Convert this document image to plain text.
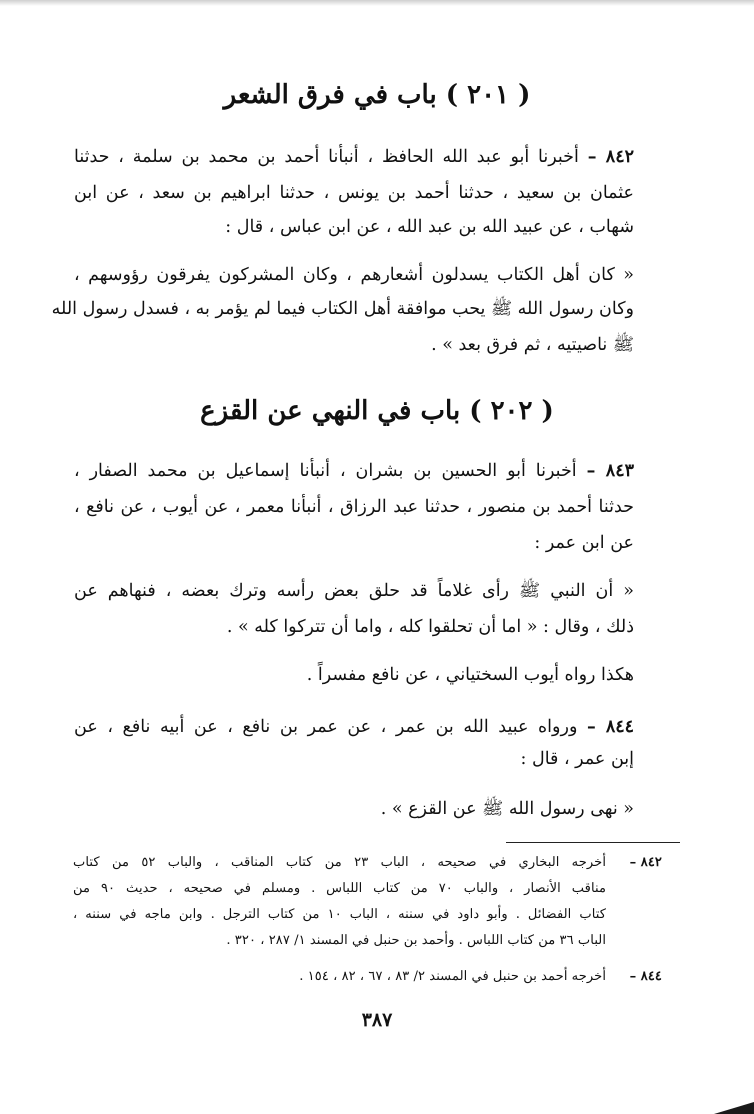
( ٢٠١ ) باب في فرق الشعر
٨٤٢ – أخبرنا أبو عبد الله الحافظ ، أنبأنا أحمد بن محمد بن سلمة ، حدثنا
عثمان بن سعيد ، حدثنا أحمد بن يونس ، حدثنا ابراهيم بن سعد ، عن ابن
شهاب ، عن عبيد الله بن عبد الله ، عن ابن عباس ، قال :
« كان أهل الكتاب يسدلون أشعارهم ، وكان المشركون يفرقون رؤوسهم ،
وكان رسول الله ﷺ يحب موافقة أهل الكتاب فيما لم يؤمر به ، فسدل رسول الله
ﷺ ناصيتيه ، ثم فرق بعد » .
( ٢٠٢ ) باب في النهي عن القزع
٨٤٣ – أخبرنا أبو الحسين بن بشران ، أنبأنا إسماعيل بن محمد الصفار ،
حدثنا أحمد بن منصور ، حدثنا عبد الرزاق ، أنبأنا معمر ، عن أيوب ، عن نافع ،
عن ابن عمر :
« أن النبي ﷺ رأى غلاماً قد حلق بعض رأسه وترك بعضه ، فنهاهم عن
ذلك ، وقال : « اما أن تحلقوا كله ، واما أن تتركوا كله » .
هكذا رواه أيوب السختياني ، عن نافع مفسراً .
٨٤٤ – ورواه عبيد الله بن عمر ، عن عمر بن نافع ، عن أبيه نافع ، عن
إبن عمر ، قال :
« نهى رسول الله ﷺ عن القزع » .
٨٤٢ –
أخرجه البخاري في صحيحه ، الباب ٢٣ من كتاب المناقب ، والباب ٥٢ من كتاب
مناقب الأنصار ، والباب ٧٠ من كتاب اللباس . ومسلم في صحيحه ، حديث ٩٠ من
كتاب الفضائل . وأبو داود في سننه ، الباب ١٠ من كتاب الترجل . وابن ماجه في سننه ،
الباب ٣٦ من كتاب اللباس . وأحمد بن حنبل في المسند ١/ ٢٨٧ ، ٣٢٠ .
٨٤٤ –
أخرجه أحمد بن حنبل في المسند ٢/ ٨٣ ، ٦٧ ، ٨٢ ، ١٥٤ .
٣٨٧
